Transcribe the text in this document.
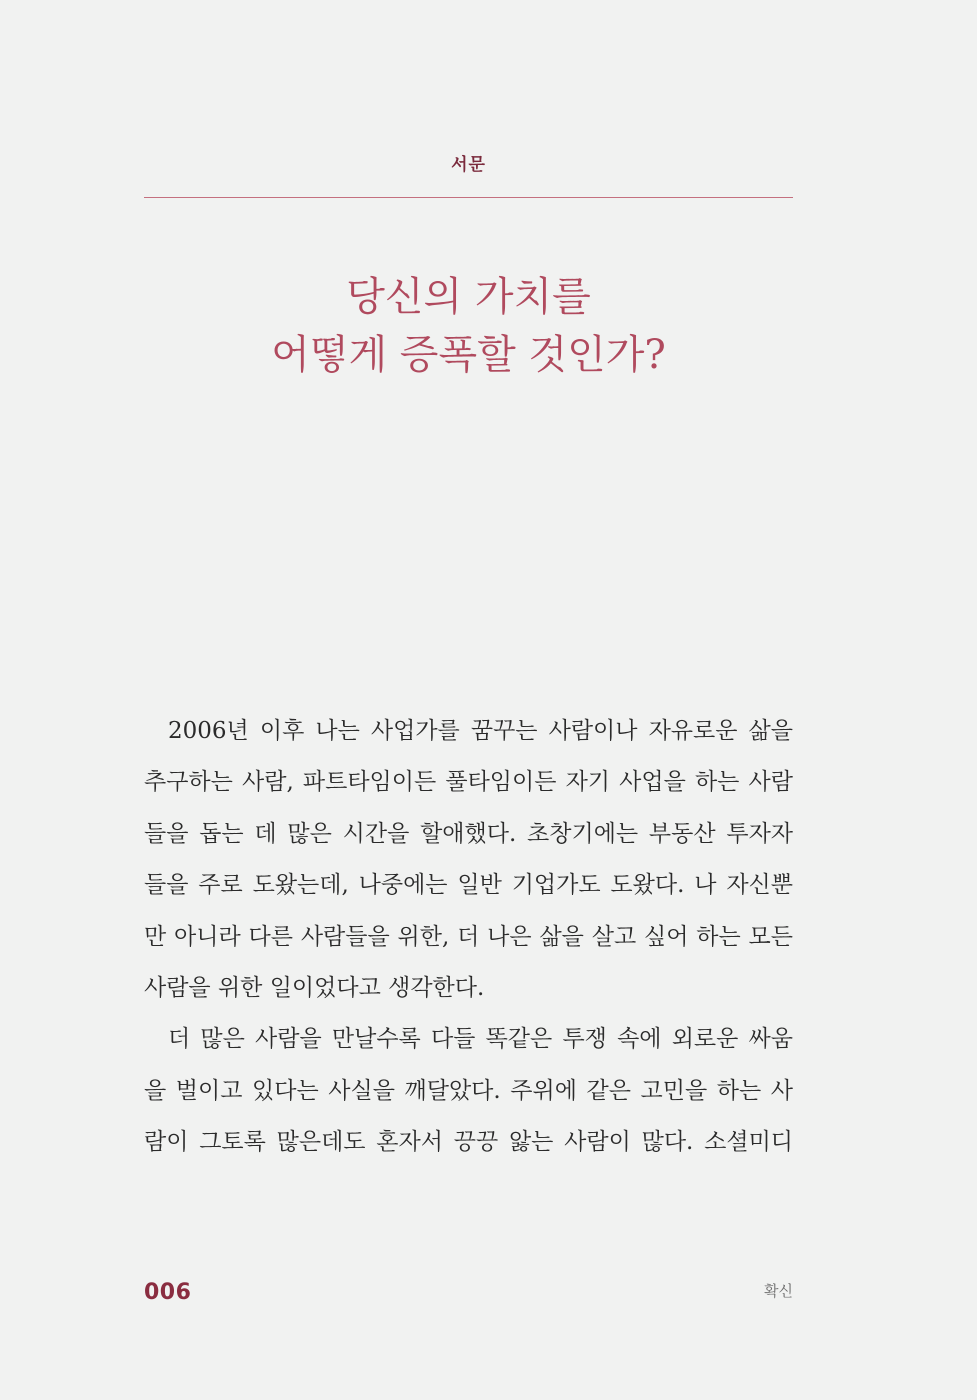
서문
당신의 가치를
어떻게 증폭할 것인가?
2006년 이후 나는 사업가를 꿈꾸는 사람이나 자유로운 삶을
추구하는 사람, 파트타임이든 풀타임이든 자기 사업을 하는 사람
들을 돕는 데 많은 시간을 할애했다. 초창기에는 부동산 투자자
들을 주로 도왔는데, 나중에는 일반 기업가도 도왔다. 나 자신뿐
만 아니라 다른 사람들을 위한, 더 나은 삶을 살고 싶어 하는 모든
사람을 위한 일이었다고 생각한다.
더 많은 사람을 만날수록 다들 똑같은 투쟁 속에 외로운 싸움
을 벌이고 있다는 사실을 깨달았다. 주위에 같은 고민을 하는 사
람이 그토록 많은데도 혼자서 끙끙 앓는 사람이 많다. 소셜미디
006	확신
